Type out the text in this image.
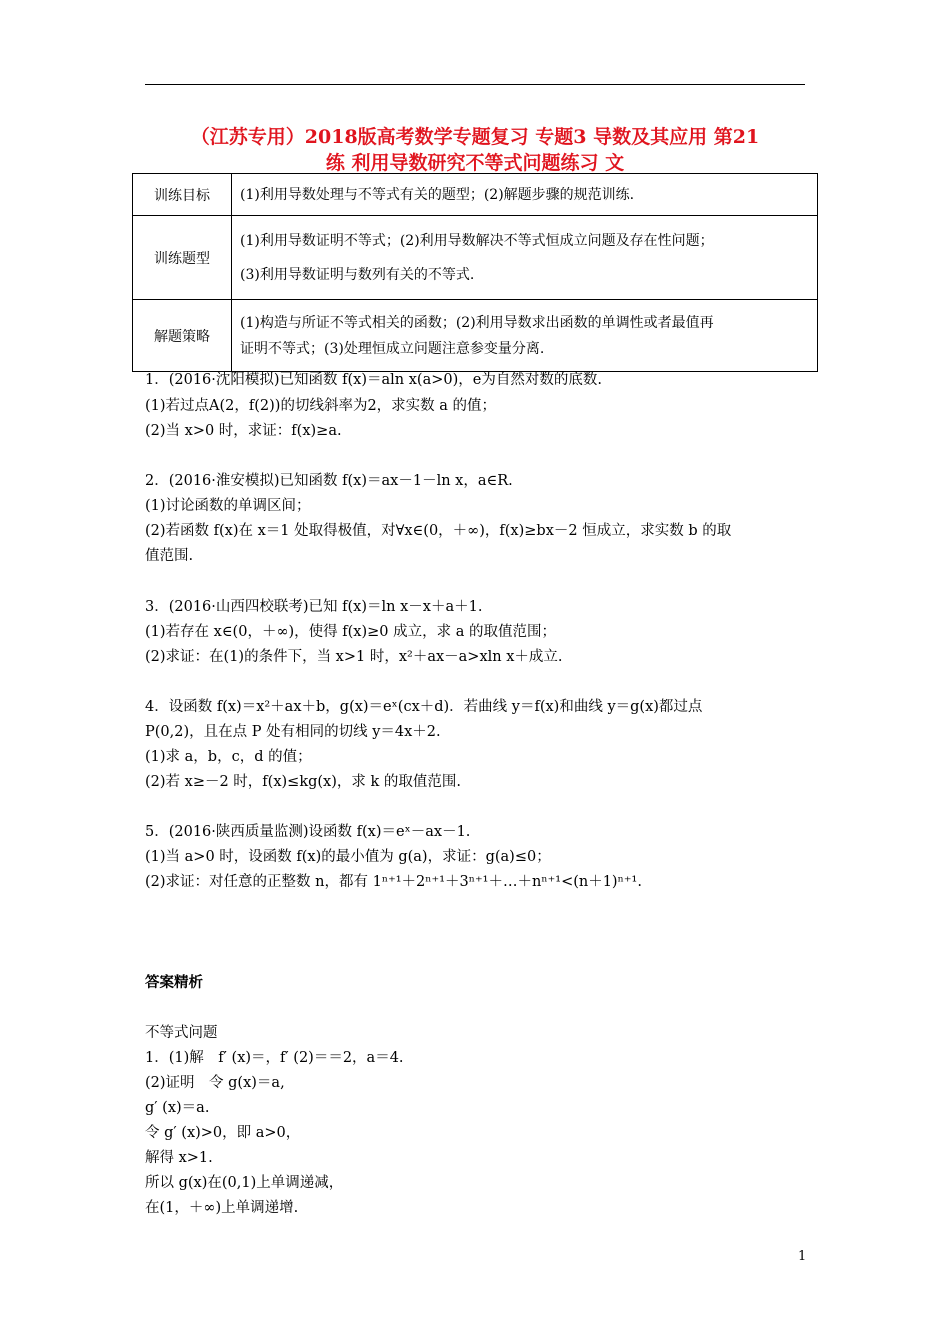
（江苏专用）2018版高考数学专题复习 专题3 导数及其应用 第21
练 利用导数研究不等式问题练习 文
训练目标	(1)利用导数处理与不等式有关的题型；(2)解题步骤的规范训练.

训练题型	(1)利用导数证明不等式；(2)利用导数解决不等式恒成立问题及存在性问题；
(3)利用导数证明与数列有关的不等式.

解题策略	(1)构造与所证不等式相关的函数；(2)利用导数求出函数的单调性或者最值再
证明不等式；(3)处理恒成立问题注意参变量分离.
1．(2016·沈阳模拟)已知函数 f(x)＝aln x(a>0)，e为自然对数的底数.
(1)若过点A(2，f(2))的切线斜率为2，求实数 a 的值；
(2)当 x>0 时，求证：f(x)≥a.
2．(2016·淮安模拟)已知函数 f(x)＝ax－1－ln x，a∈R.
(1)讨论函数的单调区间；
(2)若函数 f(x)在 x＝1 处取得极值，对∀x∈(0，＋∞)，f(x)≥bx－2 恒成立，求实数 b 的取
值范围.
3．(2016·山西四校联考)已知 f(x)＝ln x－x＋a＋1.
(1)若存在 x∈(0，＋∞)，使得 f(x)≥0 成立，求 a 的取值范围；
(2)求证：在(1)的条件下，当 x>1 时，x²＋ax－a>xln x＋成立.
4．设函数 f(x)＝x²＋ax＋b，g(x)＝eˣ(cx＋d)．若曲线 y＝f(x)和曲线 y＝g(x)都过点
P(0,2)，且在点 P 处有相同的切线 y＝4x＋2.
(1)求 a，b，c，d 的值；
(2)若 x≥－2 时，f(x)≤kg(x)，求 k 的取值范围.
5．(2016·陕西质量监测)设函数 f(x)＝eˣ－ax－1.
(1)当 a>0 时，设函数 f(x)的最小值为 g(a)，求证：g(a)≤0；
(2)求证：对任意的正整数 n，都有 1ⁿ⁺¹＋2ⁿ⁺¹＋3ⁿ⁺¹＋…＋nⁿ⁺¹<(n＋1)ⁿ⁺¹.
答案精析
不等式问题
1．(1)解　f′ (x)＝，f′ (2)＝＝2，a＝4.
(2)证明　令 g(x)＝a,
g′ (x)＝a.
令 g′ (x)>0，即 a>0，
解得 x>1.
所以 g(x)在(0,1)上单调递减，
在(1，＋∞)上单调递增.
1
